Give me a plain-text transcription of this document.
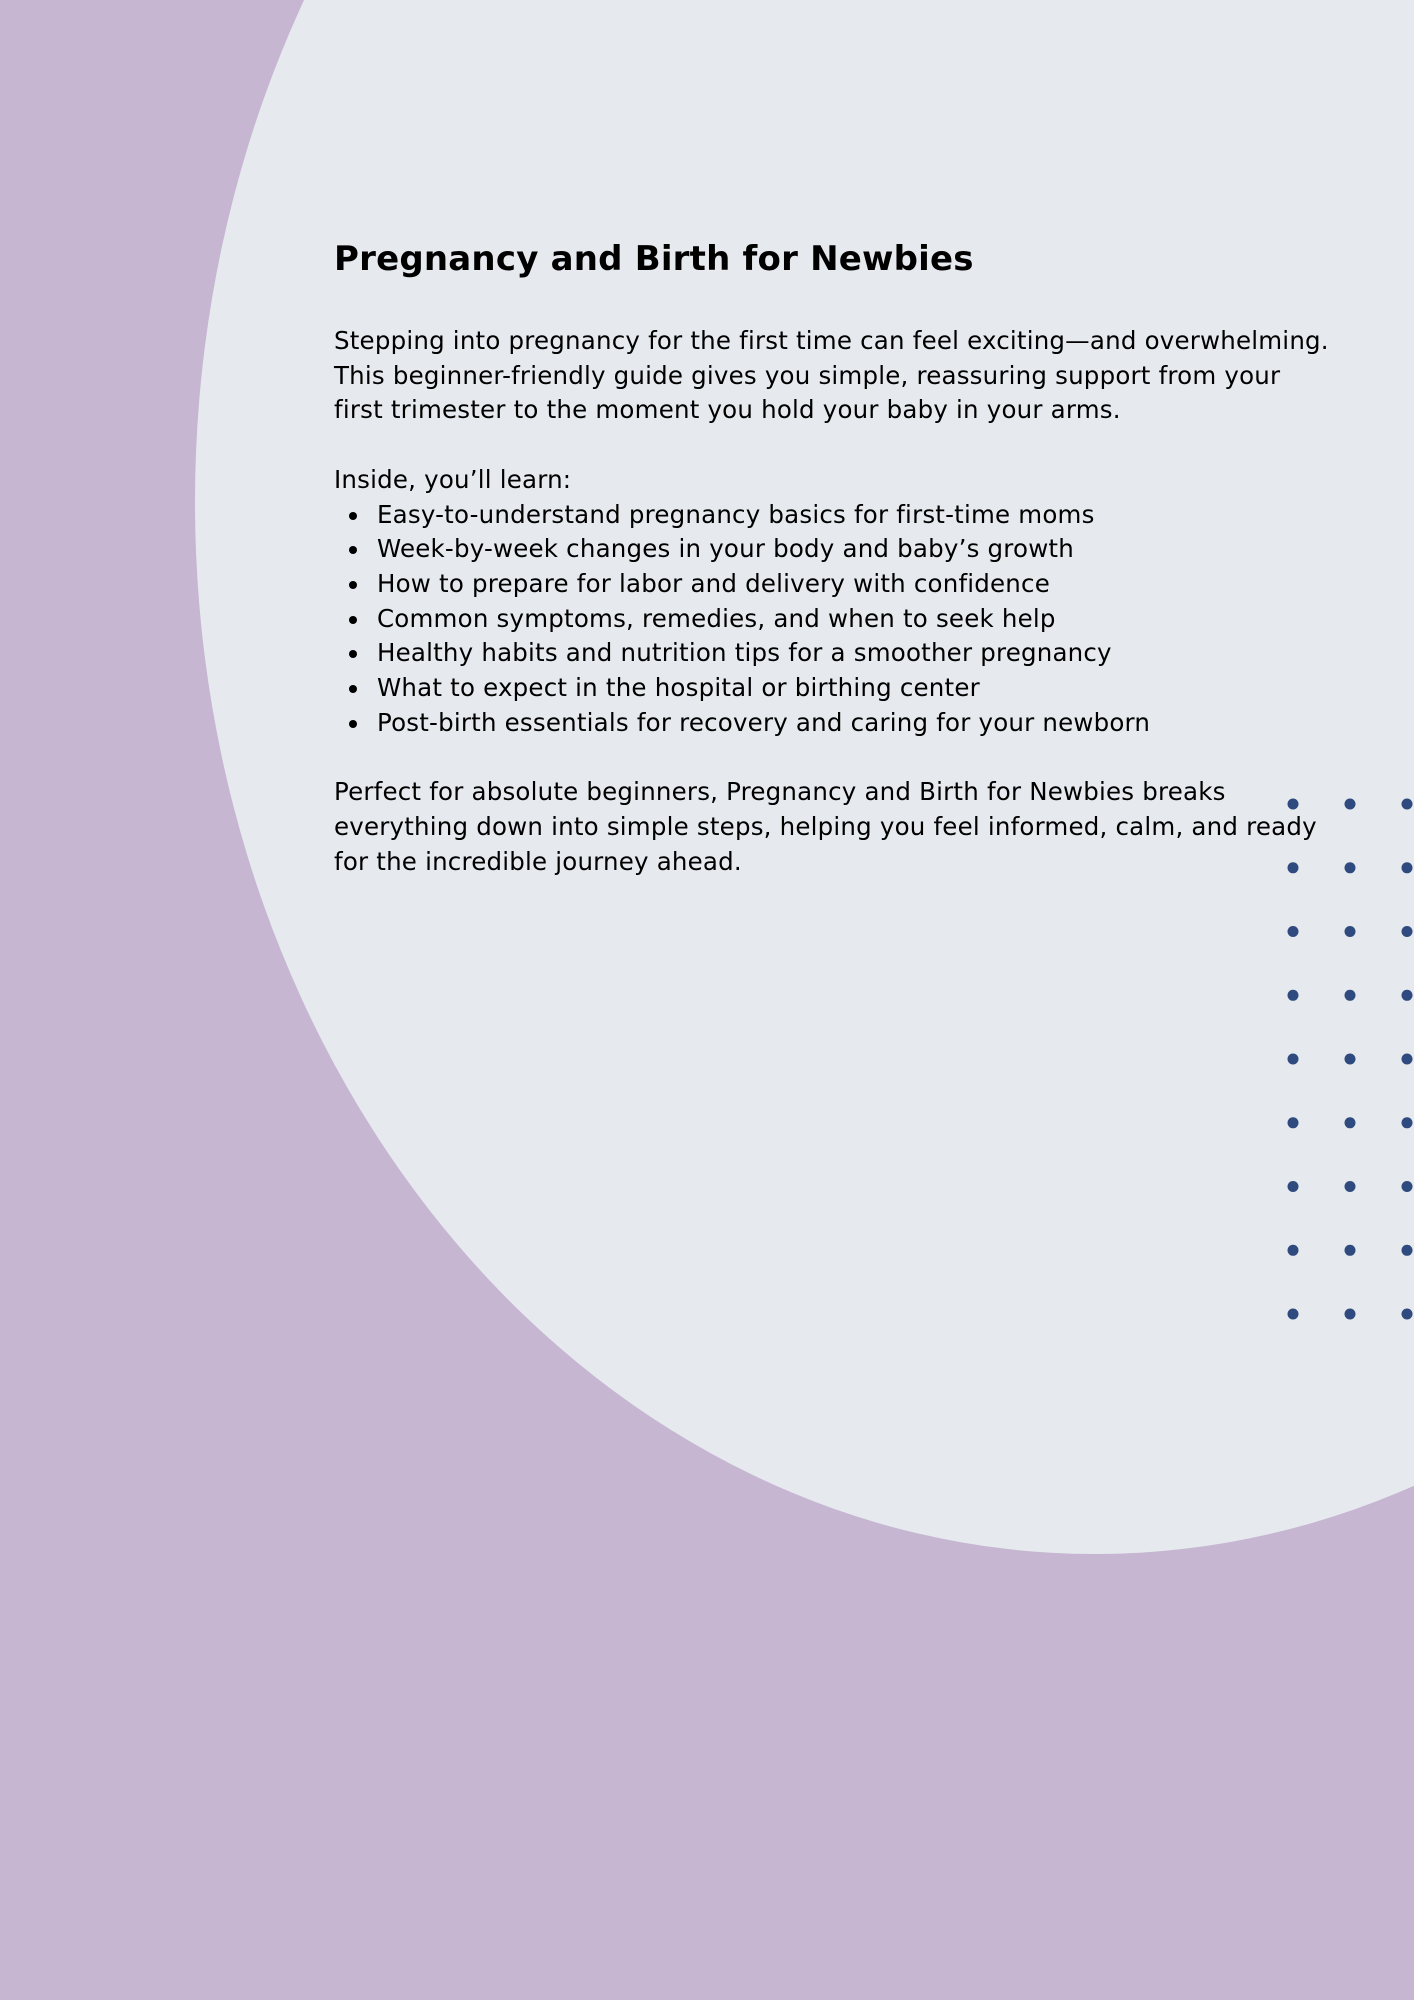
Pregnancy and Birth for Newbies

Stepping into pregnancy for the first time can feel exciting—and overwhelming. This beginner-friendly guide gives you simple, reassuring support from your first trimester to the moment you hold your baby in your arms.

Inside, you’ll learn:

Easy-to-understand pregnancy basics for first-time moms
Week-by-week changes in your body and baby’s growth
How to prepare for labor and delivery with confidence
Common symptoms, remedies, and when to seek help
Healthy habits and nutrition tips for a smoother pregnancy
What to expect in the hospital or birthing center
Post-birth essentials for recovery and caring for your newborn

Perfect for absolute beginners, Pregnancy and Birth for Newbies breaks everything down into simple steps, helping you feel informed, calm, and ready for the incredible journey ahead.
